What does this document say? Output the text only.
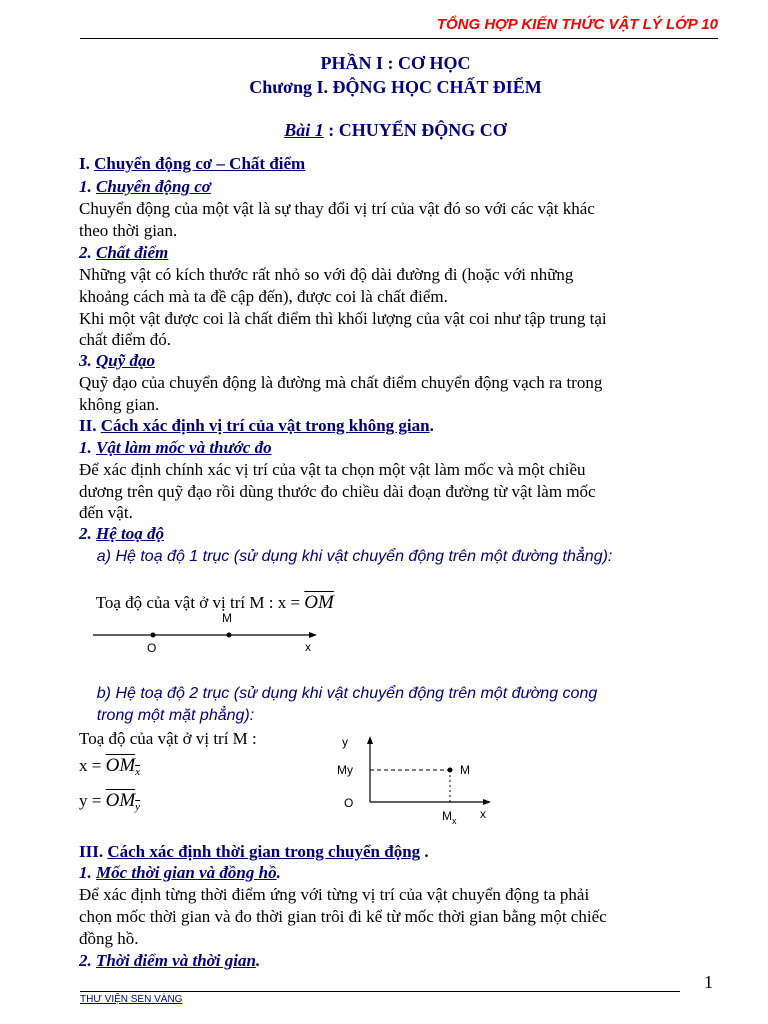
TỔNG HỢP KIẾN THỨC VẬT LÝ LỚP 10
PHẦN I : CƠ HỌC
Chương I. ĐỘNG HỌC CHẤT ĐIỂM
Bài 1 : CHUYỂN ĐỘNG CƠ
I. Chuyển động cơ – Chất điểm
1. Chuyển động cơ
Chuyển động của một vật là sự thay đổi vị trí của vật đó so với các vật khác
theo thời gian.
2. Chất điểm
Những vật có kích thước rất nhỏ so với độ dài đường đi (hoặc với những
khoảng cách mà ta đề cập đến), được coi là chất điểm.
Khi một vật được coi là chất điểm thì khối lượng của vật coi như tập trung tại
chất điểm đó.
3. Quỹ đạo
Quỹ đạo của chuyển động là đường mà chất điểm chuyển động vạch ra trong
không gian.
II. Cách xác định vị trí của vật trong không gian.
1. Vật làm mốc và thước đo
Để xác định chính xác vị trí của vật ta chọn một vật làm mốc và một chiều
dương trên quỹ đạo rồi dùng thước đo chiều dài đoạn đường từ vật làm mốc
đến vật.
2. Hệ toạ độ
a) Hệ toạ độ 1 trục (sử dụng khi vật chuyển động trên một đường thẳng):

Toạ độ của vật ở vị trí M : $x = \overline{OM}$

O
M
x
b) Hệ toạ độ 2 trục (sử dụng khi vật chuyển động trên một đường cong
trong một mặt phẳng):
Toạ độ của vật ở vị trí M :
$x = OM_x$
$y = OM_y$
y
My	M
O
$M_x$ x
III. Cách xác định thời gian trong chuyển động .
1. Mốc thời gian và đồng hồ.
Để xác định từng thời điểm ứng với từng vị trí của vật chuyển động ta phải
chọn mốc thời gian và đo thời gian trôi đi kể từ mốc thời gian bằng một chiếc
đồng hồ.
2. Thời điểm và thời gian.
1
THƯ VIỆN SEN VÀNG
